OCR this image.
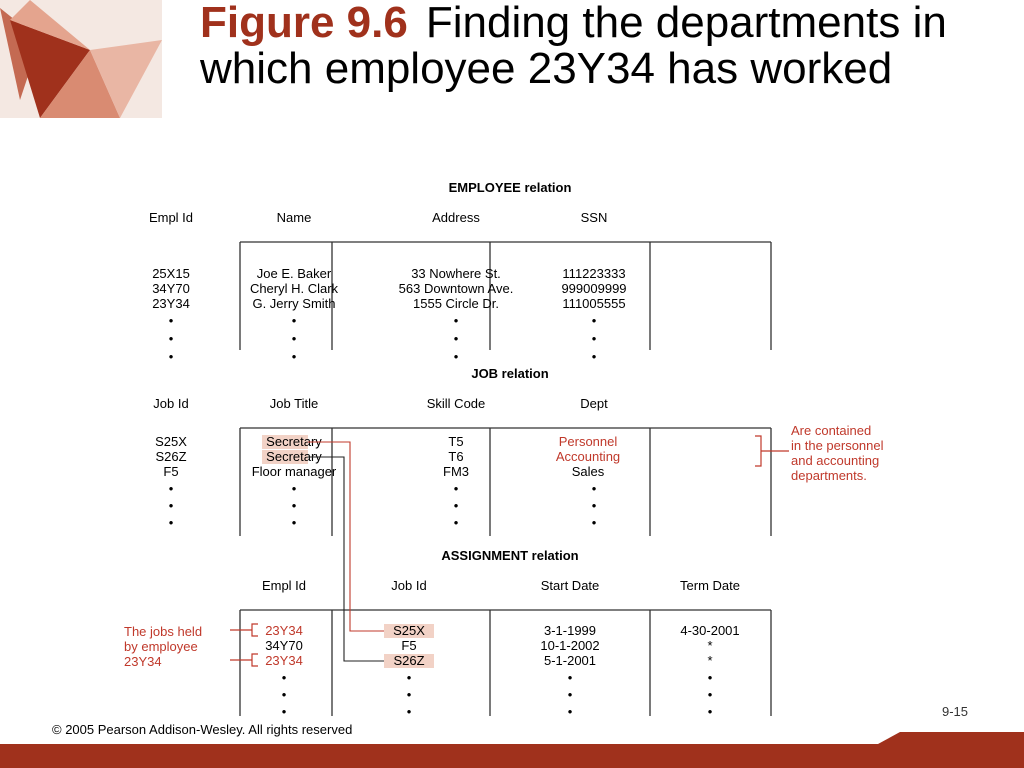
Figure 9.6 Finding the departments in which employee 23Y34 has worked
EMPLOYEE relation
Empl Id	Name	Address	SSN
25X15	Joe E. Baker	33 Nowhere St.	111223333
34Y70	Cheryl H. Clark	563 Downtown Ave.	999009999
23Y34	G. Jerry Smith	1555 Circle Dr.	111005555
•	•	•	•
•	•	•	•
•	•	•	•
JOB relation
Job Id	Job Title	Skill Code	Dept
S25X	Secretary	T5	Personnel
S26Z	Secretary	T6	Accounting
F5	Floor manager	FM3	Sales
•	•	•	•
•	•	•	•
•	•	•	•
Are contained
in the personnel
and accounting
departments.
ASSIGNMENT relation
Empl Id	Job Id	Start Date	Term Date
23Y34	S25X	3-1-1999	4-30-2001
34Y70	F5	10-1-2002	*
23Y34	S26Z	5-1-2001	*
•	•	•	•
•	•	•	•
•	•	•	•
The jobs held
by employee
23Y34
9-15
© 2005 Pearson Addison-Wesley. All rights reserved
